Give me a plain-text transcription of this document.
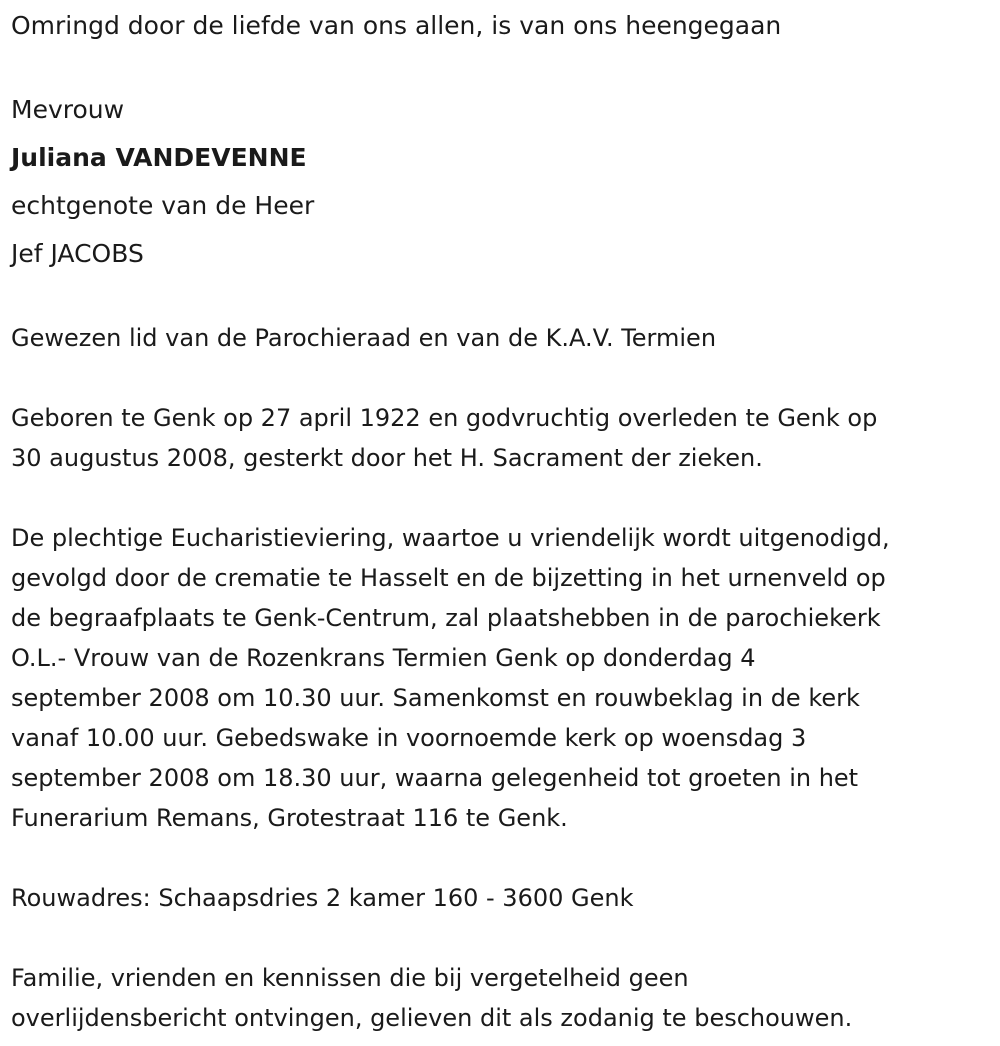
Omringd door de liefde van ons allen, is van ons heengegaan
Mevrouw
Juliana VANDEVENNE
echtgenote van de Heer
Jef JACOBS
Gewezen lid van de Parochieraad en van de K.A.V. Termien
Geboren te Genk op 27 april 1922 en godvruchtig overleden te Genk op
30 augustus 2008, gesterkt door het H. Sacrament der zieken.
De plechtige Eucharistieviering, waartoe u vriendelijk wordt uitgenodigd,
gevolgd door de crematie te Hasselt en de bijzetting in het urnenveld op
de begraafplaats te Genk-Centrum, zal plaatshebben in de parochiekerk
O.L.- Vrouw van de Rozenkrans Termien Genk op donderdag 4
september 2008 om 10.30 uur. Samenkomst en rouwbeklag in de kerk
vanaf 10.00 uur. Gebedswake in voornoemde kerk op woensdag 3
september 2008 om 18.30 uur, waarna gelegenheid tot groeten in het
Funerarium Remans, Grotestraat 116 te Genk.
Rouwadres: Schaapsdries 2 kamer 160 - 3600 Genk
Familie, vrienden en kennissen die bij vergetelheid geen
overlijdensbericht ontvingen, gelieven dit als zodanig te beschouwen.
